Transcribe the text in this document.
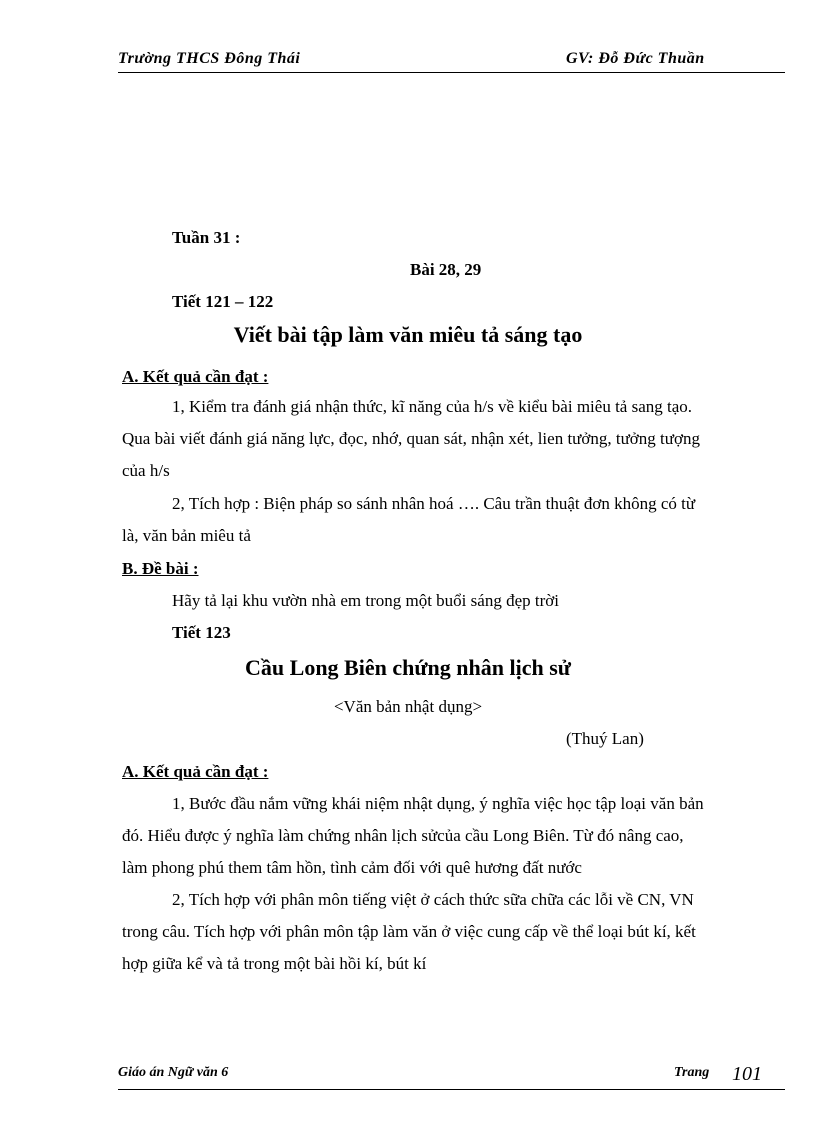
Trường THCS Đông Thái	GV: Đỗ Đức Thuần
Tuần 31 :
Bài 28, 29
Tiết 121 – 122
Viết bài tập làm văn miêu tả sáng tạo
A. Kết quả cần đạt :
1, Kiểm tra đánh giá nhận thức, kĩ năng của h/s về kiểu bài miêu tả sang tạo.
Qua bài viết đánh giá năng lực, đọc, nhớ, quan sát, nhận xét, lien tưởng, tưởng tượng
của h/s
2, Tích hợp : Biện pháp so sánh nhân hoá …. Câu trần thuật đơn không có từ
là, văn bản miêu tả
B. Đề bài :
Hãy tả lại khu vườn nhà em trong một buổi sáng đẹp trời
Tiết 123
Cầu Long Biên chứng nhân lịch sử
<Văn bản nhật dụng>
(Thuý Lan)
A. Kết quả cần đạt :
1, Bước đầu nắm vững khái niệm nhật dụng, ý nghĩa việc học tập loại văn bản
đó. Hiểu được ý nghĩa làm chứng nhân lịch sửcủa cầu Long Biên. Từ đó nâng cao,
làm phong phú them tâm hồn, tình cảm đối với quê hương đất nước
2, Tích hợp với phân môn tiếng việt ở cách thức sữa chữa các lỗi về CN, VN
trong câu. Tích hợp với phân môn tập làm văn ở việc cung cấp về thể loại bút kí, kết
hợp giữa kể và tả trong một bài hồi kí, bút kí
Giáo án Ngữ văn 6	Trang 101
